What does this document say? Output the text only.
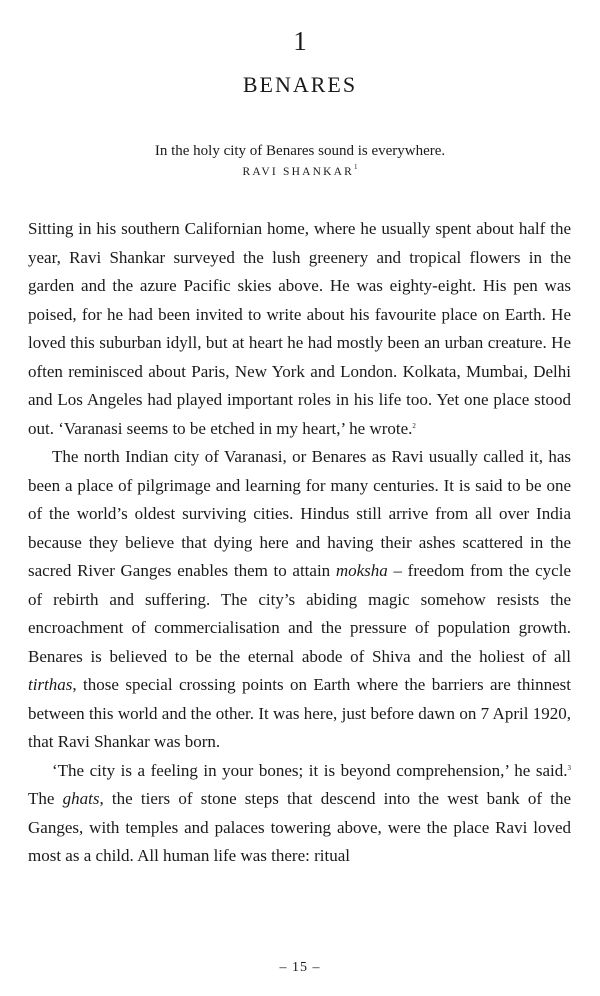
1
BENARES
In the holy city of Benares sound is everywhere.
RAVI SHANKAR$^1$

Sitting in his southern Californian home, where he usually spent about half the year, Ravi Shankar surveyed the lush greenery and tropical flowers in the garden and the azure Pacific skies above. He was eighty-eight. His pen was poised, for he had been invited to write about his favourite place on Earth. He loved this suburban idyll, but at heart he had mostly been an urban creature. He often reminisced about Paris, New York and London. Kolkata, Mumbai, Delhi and Los Angeles had played important roles in his life too. Yet one place stood out. ‘Varanasi seems to be etched in my heart,’ he wrote.$^2$

The north Indian city of Varanasi, or Benares as Ravi usually called it, has been a place of pilgrimage and learning for many centuries. It is said to be one of the world’s oldest surviving cities. Hindus still arrive from all over India because they believe that dying here and having their ashes scattered in the sacred River Ganges enables them to attain moksha – freedom from the cycle of rebirth and suffering. The city’s abiding magic somehow resists the encroachment of commercialisation and the pressure of population growth. Benares is believed to be the eternal abode of Shiva and the holiest of all tirthas, those special crossing points on Earth where the barriers are thinnest between this world and the other. It was here, just before dawn on 7 April 1920, that Ravi Shankar was born.

‘The city is a feeling in your bones; it is beyond comprehension,’ he said.$^3$ The ghats, the tiers of stone steps that descend into the west bank of the Ganges, with temples and palaces towering above, were the place Ravi loved most as a child. All human life was there: ritual

– 15 –
